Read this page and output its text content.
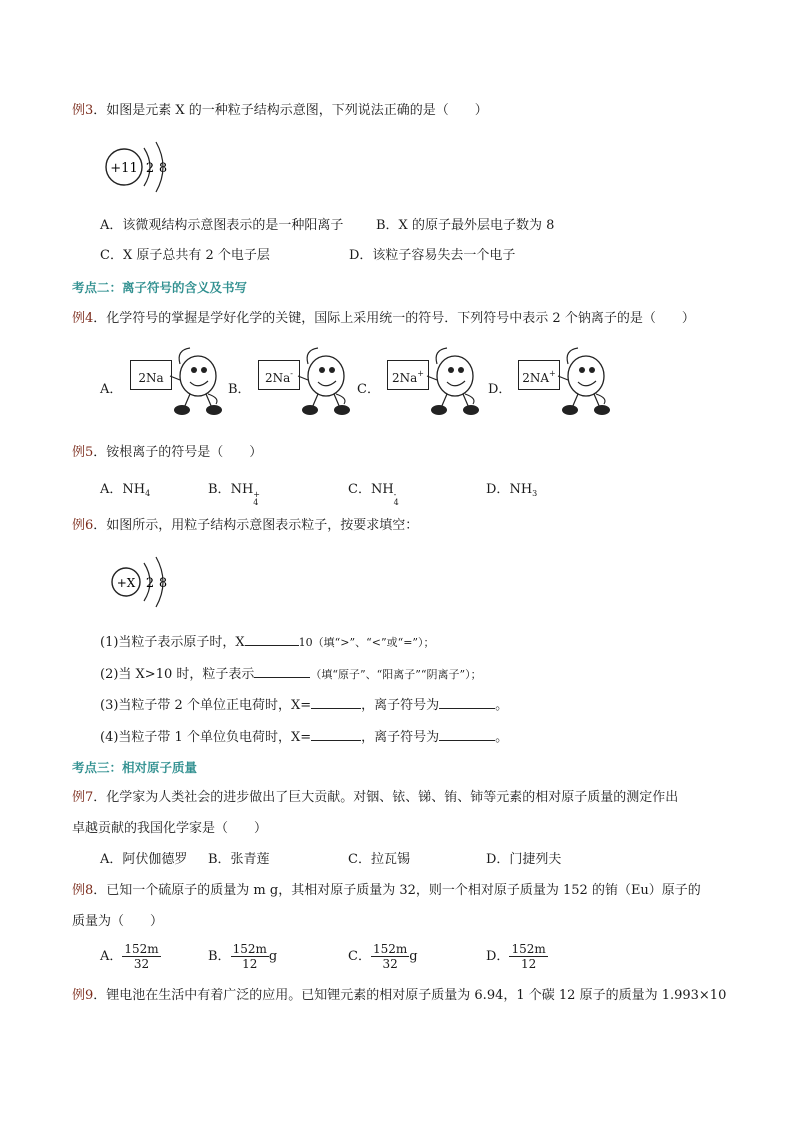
例3．如图是元素 X 的一种粒子结构示意图，下列说法正确的是（　　）
+11 2 8
A．该微观结构示意图表示的是一种阳离子	B．X 的原子最外层电子数为 8
C．X 原子总共有 2 个电子层	D．该粒子容易失去一个电子
考点二：离子符号的含义及书写
例4．化学符号的掌握是学好化学的关键，国际上采用统一的符号．下列符号中表示 2 个钠离子的是（　　）
A．
2Na
B．
2Na-
C．
2Na+
D．
2NA+
例5．铵根离子的符号是（　　）
A．$NH_4$	B．NH +
4
C．NH -
4
D．$NH_3$
例6．如图所示，用粒子结构示意图表示粒子，按要求填空：
+X 2 8
(1)当粒子表示原子时，X	10（填“>”、“<”或“=”）；
(2)当 X>10 时，粒子表示	（填“原子”、“阳离子”“阴离子”）；
(3)当粒子带 2 个单位正电荷时，X=	，离子符号为	。
(4)当粒子带 1 个单位负电荷时，X=	，离子符号为	。
考点三：相对原子质量
例7．化学家为人类社会的进步做出了巨大贡献。对铟、铱、锑、铕、铈等元素的相对原子质量的测定作出
卓越贡献的我国化学家是（　　）
A．阿伏伽德罗 B．张青莲	C．拉瓦锡	D．门捷列夫
例8．已知一个硫原子的质量为 m g，其相对原子质量为 32，则一个相对原子质量为 152 的铕（Eu）原子的
质量为（　　）
A． $\frac{152m}{32}$	B． $\frac{152m}{12}$ g	C． $\frac{152m}{32}$ g	D． $\frac{152m}{12}$
例9．锂电池在生活中有着广泛的应用。已知锂元素的相对原子质量为 6.94，1 个碳 12 原子的质量为 1.993×10
